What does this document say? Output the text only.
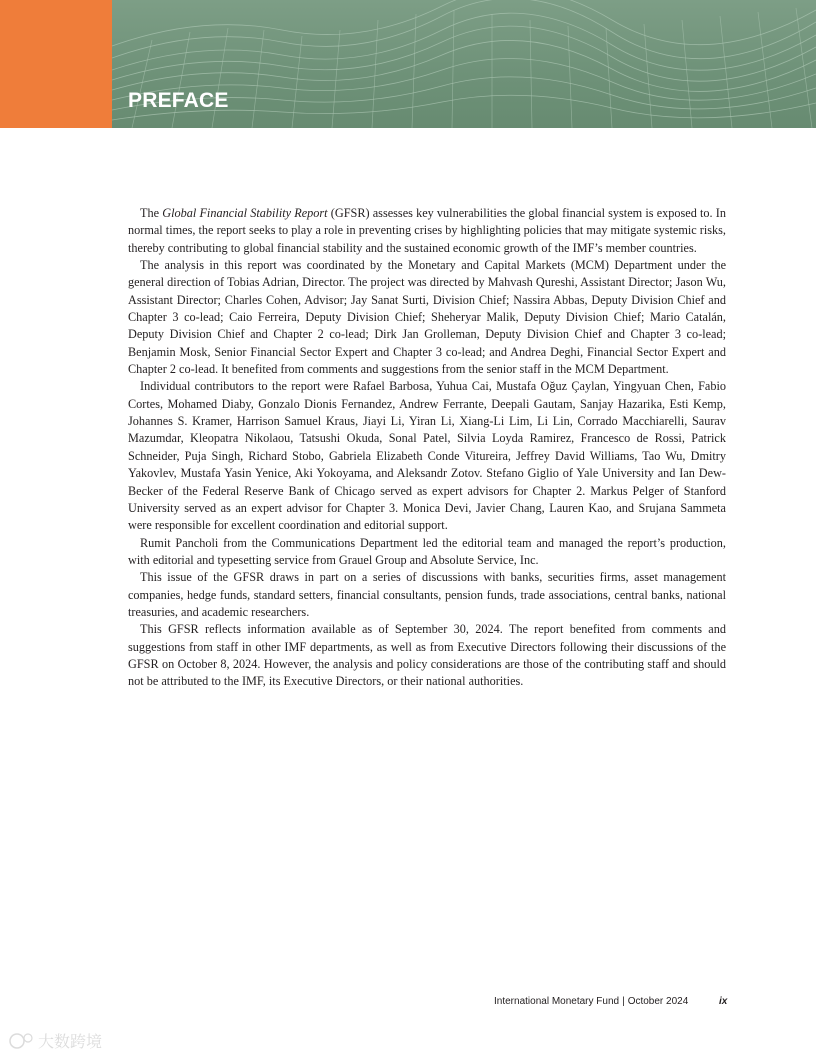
PREFACE

The Global Financial Stability Report (GFSR) assesses key vulnerabilities the global financial system is exposed to. In normal times, the report seeks to play a role in preventing crises by highlighting policies that may mitigate systemic risks, thereby contributing to global financial stability and the sustained economic growth of the IMF’s member countries.

The analysis in this report was coordinated by the Monetary and Capital Markets (MCM) Department under the general direction of Tobias Adrian, Director. The project was directed by Mahvash Qureshi, Assistant Director; Jason Wu, Assistant Director; Charles Cohen, Advisor; Jay Sanat Surti, Division Chief; Nassira Abbas, Deputy Division Chief and Chapter 3 co-lead; Caio Ferreira, Deputy Division Chief; Sheheryar Malik, Deputy Division Chief; Mario Catalán, Deputy Division Chief and Chapter 2 co-lead; Dirk Jan Grolleman, Deputy Division Chief and Chapter 3 co-lead; Benjamin Mosk, Senior Financial Sector Expert and Chapter 3 co-lead; and Andrea Deghi, Financial Sector Expert and Chapter 2 co-lead. It benefited from comments and suggestions from the senior staff in the MCM Department.

Individual contributors to the report were Rafael Barbosa, Yuhua Cai, Mustafa Oğuz Çaylan, Yingyuan Chen, Fabio Cortes, Mohamed Diaby, Gonzalo Dionis Fernandez, Andrew Ferrante, Deepali Gautam, Sanjay Hazarika, Esti Kemp, Johannes S. Kramer, Harrison Samuel Kraus, Jiayi Li, Yiran Li, Xiang-Li Lim, Li Lin, Corrado Macchiarelli, Saurav Mazumdar, Kleopatra Nikolaou, Tatsushi Okuda, Sonal Patel, Silvia Loyda Ramirez, Francesco de Rossi, Patrick Schneider, Puja Singh, Richard Stobo, Gabriela Elizabeth Conde Vitureira, Jeffrey David Williams, Tao Wu, Dmitry Yakovlev, Mustafa Yasin Yenice, Aki Yokoyama, and Aleksandr Zotov. Stefano Giglio of Yale University and Ian Dew-Becker of the Federal Reserve Bank of Chicago served as expert advisors for Chapter 2. Markus Pelger of Stanford University served as an expert advisor for Chapter 3. Monica Devi, Javier Chang, Lauren Kao, and Srujana Sammeta were responsible for excellent coordination and editorial support.

Rumit Pancholi from the Communications Department led the editorial team and managed the report’s production, with editorial and typesetting service from Grauel Group and Absolute Service, Inc.

This issue of the GFSR draws in part on a series of discussions with banks, securities firms, asset management companies, hedge funds, standard setters, financial consultants, pension funds, trade associations, central banks, national treasuries, and academic researchers.

This GFSR reflects information available as of September 30, 2024. The report benefited from comments and suggestions from staff in other IMF departments, as well as from Executive Directors following their discussions of the GFSR on October 8, 2024. However, the analysis and policy considerations are those of the contributing staff and should not be attributed to the IMF, its Executive Directors, or their national authorities.

International Monetary Fund | October 2024	ix
大数跨境
